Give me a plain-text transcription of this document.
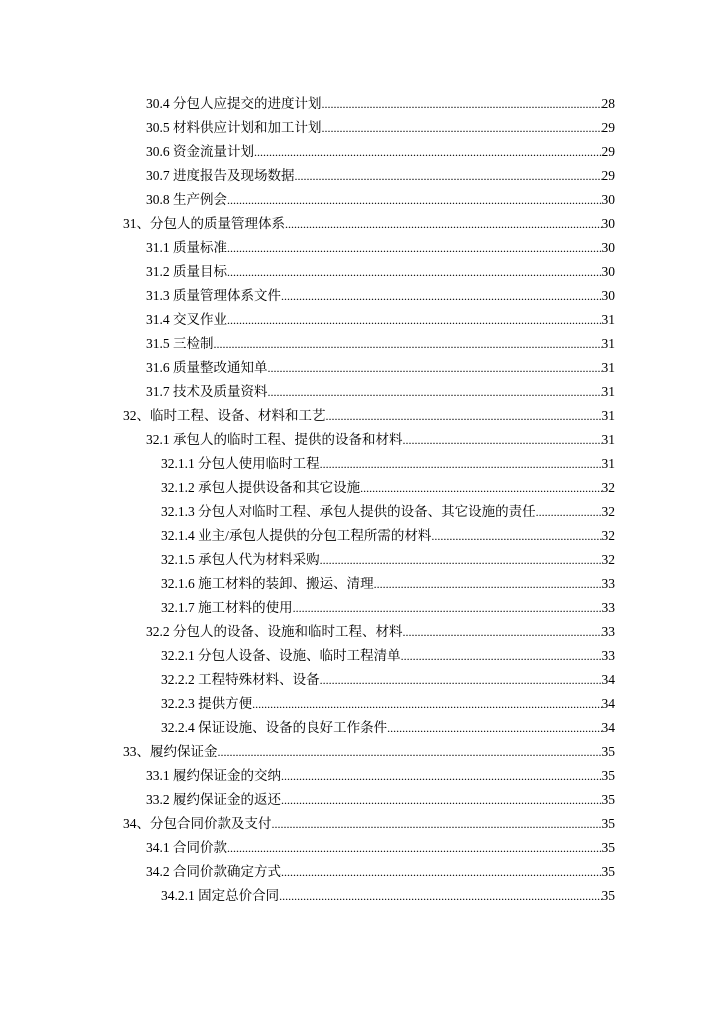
30.4 分包人应提交的进度计划 .....	28
30.5 材料供应计划和加工计划 .....	29
30.6 资金流量计划 .....	29
30.7 进度报告及现场数据 .....	29
30.8 生产例会 .....	30
31、分包人的质量管理体系 .....	30
31.1 质量标准 .....	30
31.2 质量目标 .....	30
31.3 质量管理体系文件 .....	30
31.4 交叉作业 .....	31
31.5 三检制 .....	31
31.6 质量整改通知单 .....	31
31.7 技术及质量资料 .....	31
32、临时工程、设备、材料和工艺 .....	31
32.1 承包人的临时工程、提供的设备和材料 .....	31
32.1.1 分包人使用临时工程 .....	31
32.1.2 承包人提供设备和其它设施 .....	32
32.1.3 分包人对临时工程、承包人提供的设备、其它设施的责任 .....	32
32.1.4 业主/承包人提供的分包工程所需的材料 .....	32
32.1.5 承包人代为材料采购 .....	32
32.1.6 施工材料的装卸、搬运、清理 .....	33
32.1.7 施工材料的使用 .....	33
32.2 分包人的设备、设施和临时工程、材料 .....	33
32.2.1 分包人设备、设施、临时工程清单 .....	33
32.2.2 工程特殊材料、设备 .....	34
32.2.3 提供方便 .....	34
32.2.4 保证设施、设备的良好工作条件 .....	34
33、履约保证金 .....	35
33.1 履约保证金的交纳 .....	35
33.2 履约保证金的返还 .....	35
34、分包合同价款及支付 .....	35
34.1 合同价款 .....	35
34.2 合同价款确定方式 .....	35
34.2.1 固定总价合同 .....	35
